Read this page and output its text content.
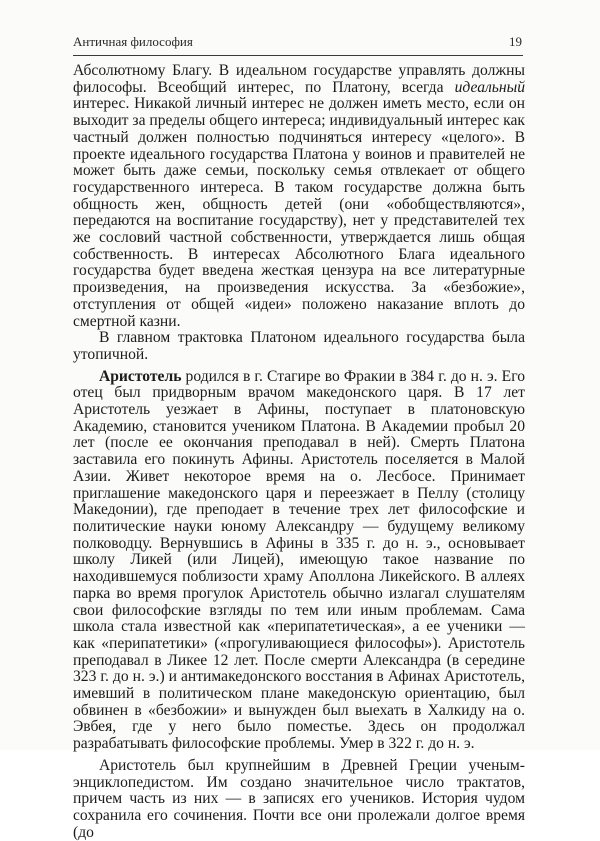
Античная философия	19

Абсолютному Благу. В идеальном государстве управлять должны философы. Всеобщий интерес, по Платону, всегда идеальный интерес. Никакой личный интерес не должен иметь место, если он выходит за пределы общего интереса; индивидуальный интерес как частный должен полностью подчиняться интересу «целого». В проекте идеального государства Платона у воинов и правителей не может быть даже семьи, поскольку семья отвлекает от общего государственного интереса. В таком государстве должна быть общность жен, общность детей (они «обобществляются», передаются на воспитание государству), нет у представителей тех же сословий частной собственности, утверждается лишь общая собственность. В интересах Абсолютного Блага идеального государства будет введена жесткая цензура на все литературные произведения, на произведения искусства. За «безбожие», отступления от общей «идеи» положено наказание вплоть до смертной казни.

В главном трактовка Платоном идеального государства была утопичной.

Аристотель родился в г. Стагире во Фракии в 384 г. до н. э. Его отец был придворным врачом македонского царя. В 17 лет Аристотель уезжает в Афины, поступает в платоновскую Академию, становится учеником Платона. В Академии пробыл 20 лет (после ее окончания преподавал в ней). Смерть Платона заставила его покинуть Афины. Аристотель поселяется в Малой Азии. Живет некоторое время на о. Лесбосе. Принимает приглашение македонского царя и переезжает в Пеллу (столицу Македонии), где преподает в течение трех лет философские и политические науки юному Александру — будущему великому полководцу. Вернувшись в Афины в 335 г. до н. э., основывает школу Ликей (или Лицей), имеющую такое название по находившемуся поблизости храму Аполлона Ликейского. В аллеях парка во время прогулок Аристотель обычно излагал слушателям свои философские взгляды по тем или иным проблемам. Сама школа стала известной как «перипатетическая», а ее ученики — как «перипатетики» («прогуливающиеся философы»). Аристотель преподавал в Ликее 12 лет. После смерти Александра (в середине 323 г. до н. э.) и антимакедонского восстания в Афинах Аристотель, имевший в политическом плане македонскую ориентацию, был обвинен в «безбожии» и вынужден был выехать в Халкиду на о. Эвбея, где у него было поместье. Здесь он продолжал разрабатывать философские проблемы. Умер в 322 г. до н. э.

Аристотель был крупнейшим в Древней Греции ученым-энциклопедистом. Им создано значительное число трактатов, причем часть из них — в записях его учеников. История чудом сохранила его сочинения. Почти все они пролежали долгое время (до
